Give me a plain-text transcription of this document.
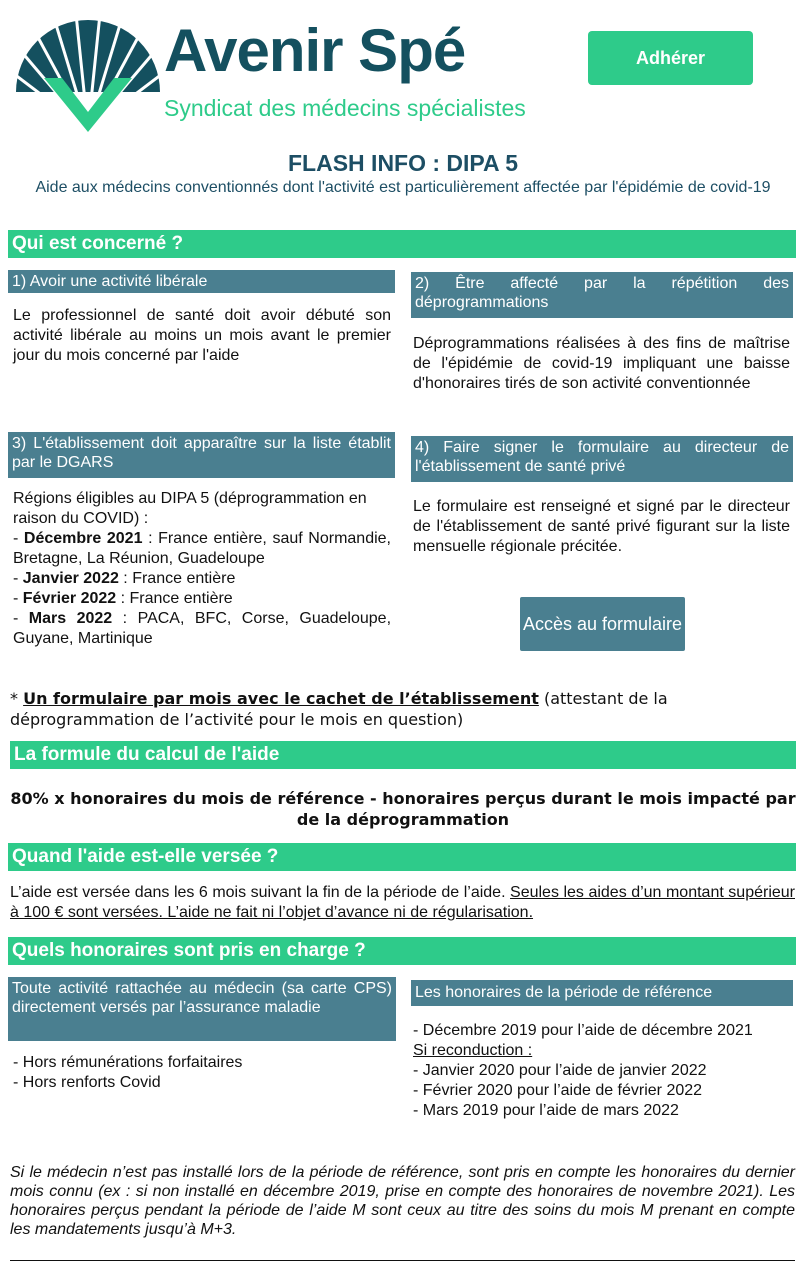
Avenir Spé
Syndicat des médecins spécialistes
Adhérer
FLASH INFO : DIPA 5
Aide aux médecins conventionnés dont l'activité est particulièrement affectée par l'épidémie de covid-19
Qui est concerné ?
1) Avoir une activité libérale
Le professionnel de santé doit avoir débuté son activité libérale au moins un mois avant le premier jour du mois concerné par l'aide
2) Être affecté par la répétition des déprogrammations
Déprogrammations réalisées à des fins de maîtrise de l'épidémie de covid-19 impliquant une baisse d'honoraires tirés de son activité conventionnée
3) L'établissement doit apparaître sur la liste établit par le DGARS
Régions éligibles au DIPA 5 (déprogrammation en raison du COVID) :
- Décembre 2021 : France entière, sauf Normandie, Bretagne, La Réunion, Guadeloupe
- Janvier 2022 : France entière
- Février 2022 : France entière
- Mars 2022 : PACA, BFC, Corse, Guadeloupe, Guyane, Martinique
4) Faire signer le formulaire au directeur de l'établissement de santé privé
Le formulaire est renseigné et signé par le directeur de l'établissement de santé privé figurant sur la liste mensuelle régionale précitée.
Accès au formulaire
* Un formulaire par mois avec le cachet de l’établissement (attestant de la déprogrammation de l’activité pour le mois en question)
La formule du calcul de l'aide
80% x honoraires du mois de référence - honoraires perçus durant le mois impacté par de la déprogrammation
Quand l'aide est-elle versée ?
L’aide est versée dans les 6 mois suivant la fin de la période de l’aide. Seules les aides d’un montant supérieur à 100 € sont versées. L’aide ne fait ni l’objet d’avance ni de régularisation.
Quels honoraires sont pris en charge ?
Toute activité rattachée au médecin (sa carte CPS) directement versés par l’assurance maladie
- Hors rémunérations forfaitaires
- Hors renforts Covid
Les honoraires de la période de référence
- Décembre 2019 pour l’aide de décembre 2021
Si reconduction :
- Janvier 2020 pour l’aide de janvier 2022
- Février 2020 pour l’aide de février 2022
- Mars 2019 pour l’aide de mars 2022
Si le médecin n’est pas installé lors de la période de référence, sont pris en compte les honoraires du dernier mois connu (ex : si non installé en décembre 2019, prise en compte des honoraires de novembre 2021). Les honoraires perçus pendant la période de l’aide M sont ceux au titre des soins du mois M prenant en compte les mandatements jusqu’à M+3.
